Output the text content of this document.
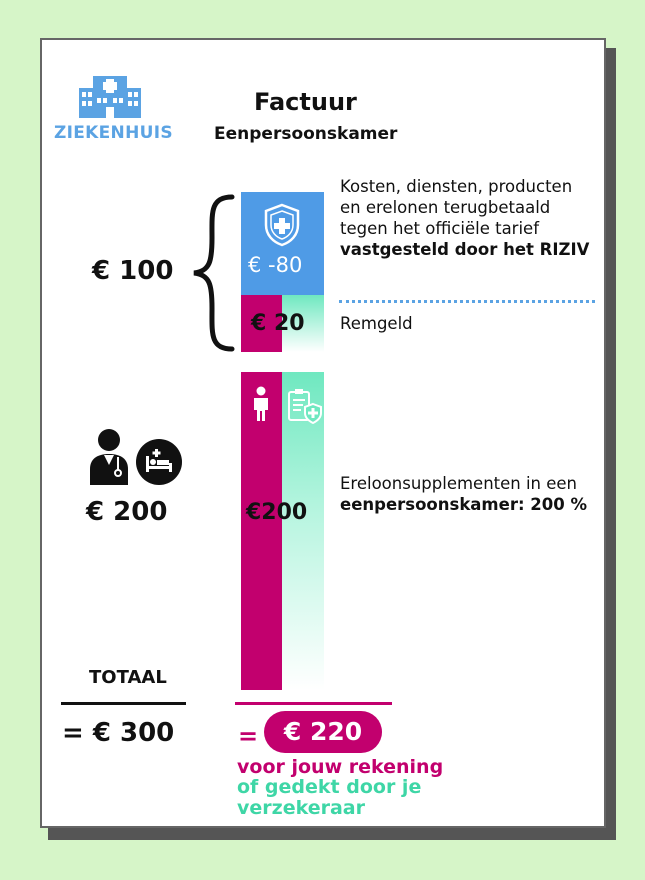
ZIEKENHUIS
Factuur
Eenpersoonskamer
€ 100	€ -80
€ 20
Kosten, diensten, producten en erelonen terugbetaald tegen het officiële tarief vastgesteld door het RIZIV
Remgeld
€ 200	€200
Ereloonsupplementen in een eenpersoonskamer: 200 %
TOTAAL
= € 300	=	€ 220
voor jouw rekening
of gedekt door je verzekeraar
